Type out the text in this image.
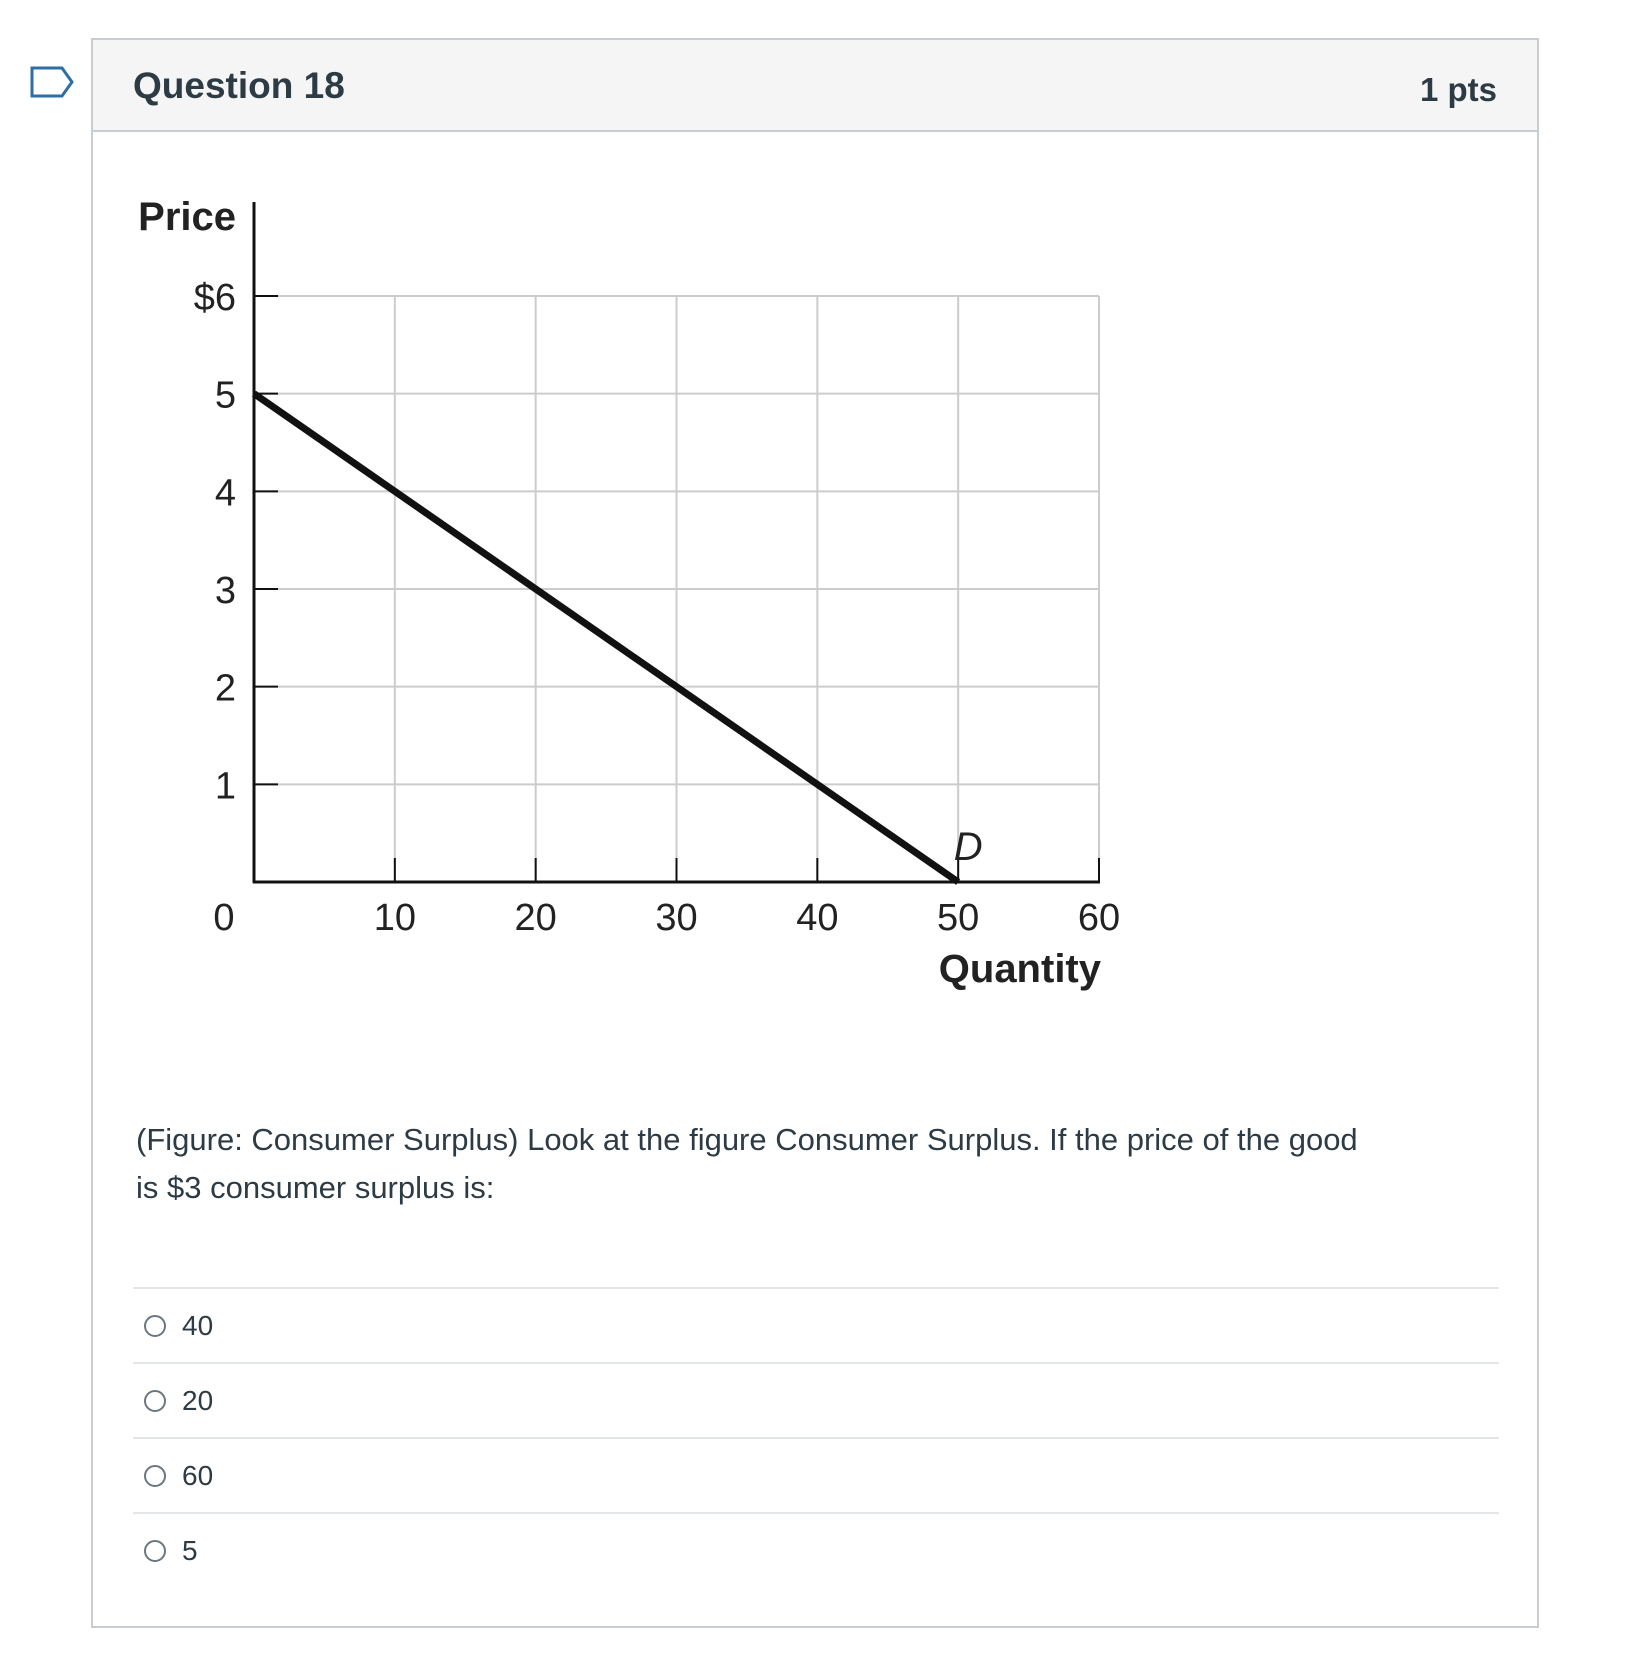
Question 18	1 pts
0	10	20	30	40	50	60
1
2
3
4
5
$6
Price
Quantity
D

(Figure: Consumer Surplus) Look at the figure Consumer Surplus. If the price of the good is $3 consumer surplus is:

40
20
60
5
